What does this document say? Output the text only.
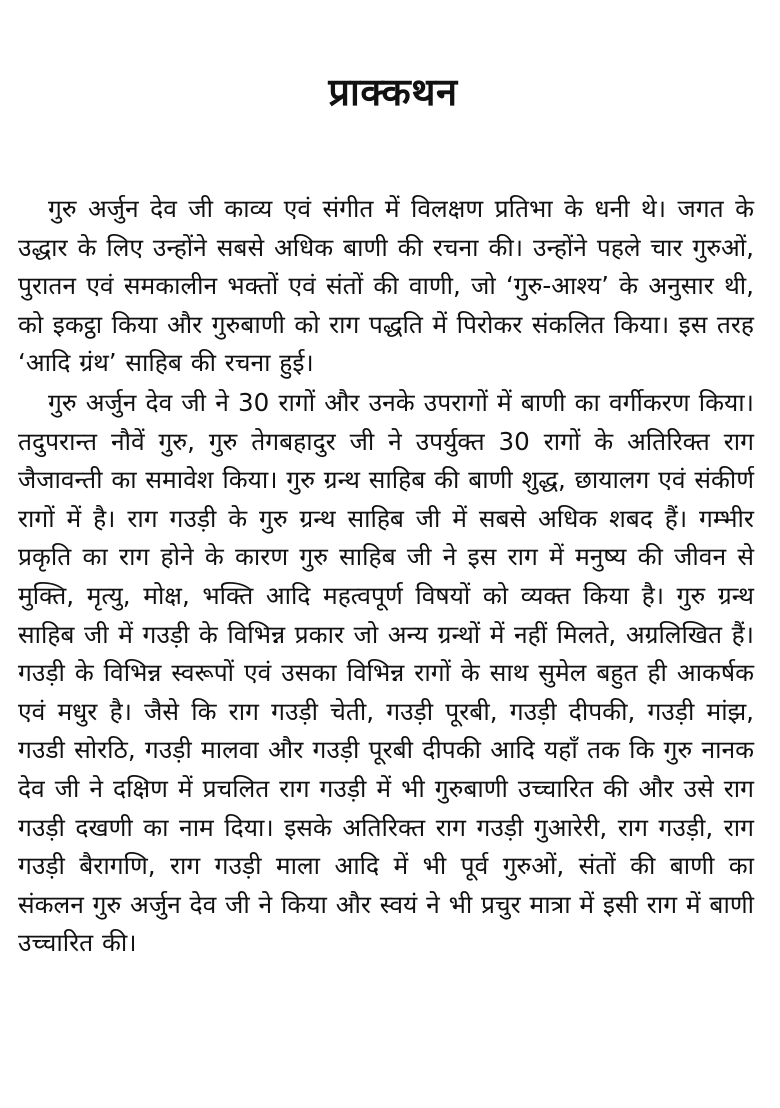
प्राक्कथन

गुरु अर्जुन देव जी काव्य एवं संगीत में विलक्षण प्रतिभा के धनी थे। जगत के उद्धार के लिए उन्होंने सबसे अधिक बाणी की रचना की। उन्होंने पहले चार गुरुओं, पुरातन एवं समकालीन भक्तों एवं संतों की वाणी, जो ‘गुरु-आश्य’ के अनुसार थी, को इकट्ठा किया और गुरुबाणी को राग पद्धति में पिरोकर संकलित किया। इस तरह ‘आदि ग्रंथ’ साहिब की रचना हुई।

गुरु अर्जुन देव जी ने 30 रागों और उनके उपरागों में बाणी का वर्गीकरण किया। तदुपरान्त नौवें गुरु, गुरु तेगबहादुर जी ने उपर्युक्त 30 रागों के अतिरिक्त राग जैजावन्ती का समावेश किया। गुरु ग्रन्थ साहिब की बाणी शुद्ध, छायालग एवं संकीर्ण रागों में है। राग गउड़ी के गुरु ग्रन्थ साहिब जी में सबसे अधिक शबद हैं। गम्भीर प्रकृति का राग होने के कारण गुरु साहिब जी ने इस राग में मनुष्य की जीवन से मुक्ति, मृत्यु, मोक्ष, भक्ति आदि महत्वपूर्ण विषयों को व्यक्त किया है। गुरु ग्रन्थ साहिब जी में गउड़ी के विभिन्न प्रकार जो अन्य ग्रन्थों में नहीं मिलते, अग्रलिखित हैं। गउड़ी के विभिन्न स्वरूपों एवं उसका विभिन्न रागों के साथ सुमेल बहुत ही आकर्षक एवं मधुर है। जैसे कि राग गउड़ी चेती, गउड़ी पूरबी, गउड़ी दीपकी, गउड़ी मांझ, गउडी सोरठि, गउड़ी मालवा और गउड़ी पूरबी दीपकी आदि यहाँ तक कि गुरु नानक देव जी ने दक्षिण में प्रचलित राग गउड़ी में भी गुरुबाणी उच्चारित की और उसे राग गउड़ी दखणी का नाम दिया। इसके अतिरिक्त राग गउड़ी गुआरेरी, राग गउड़ी, राग गउड़ी बैरागणि, राग गउड़ी माला आदि में भी पूर्व गुरुओं, संतों की बाणी का संकलन गुरु अर्जुन देव जी ने किया और स्वयं ने भी प्रचुर मात्रा में इसी राग में बाणी उच्चारित की।
